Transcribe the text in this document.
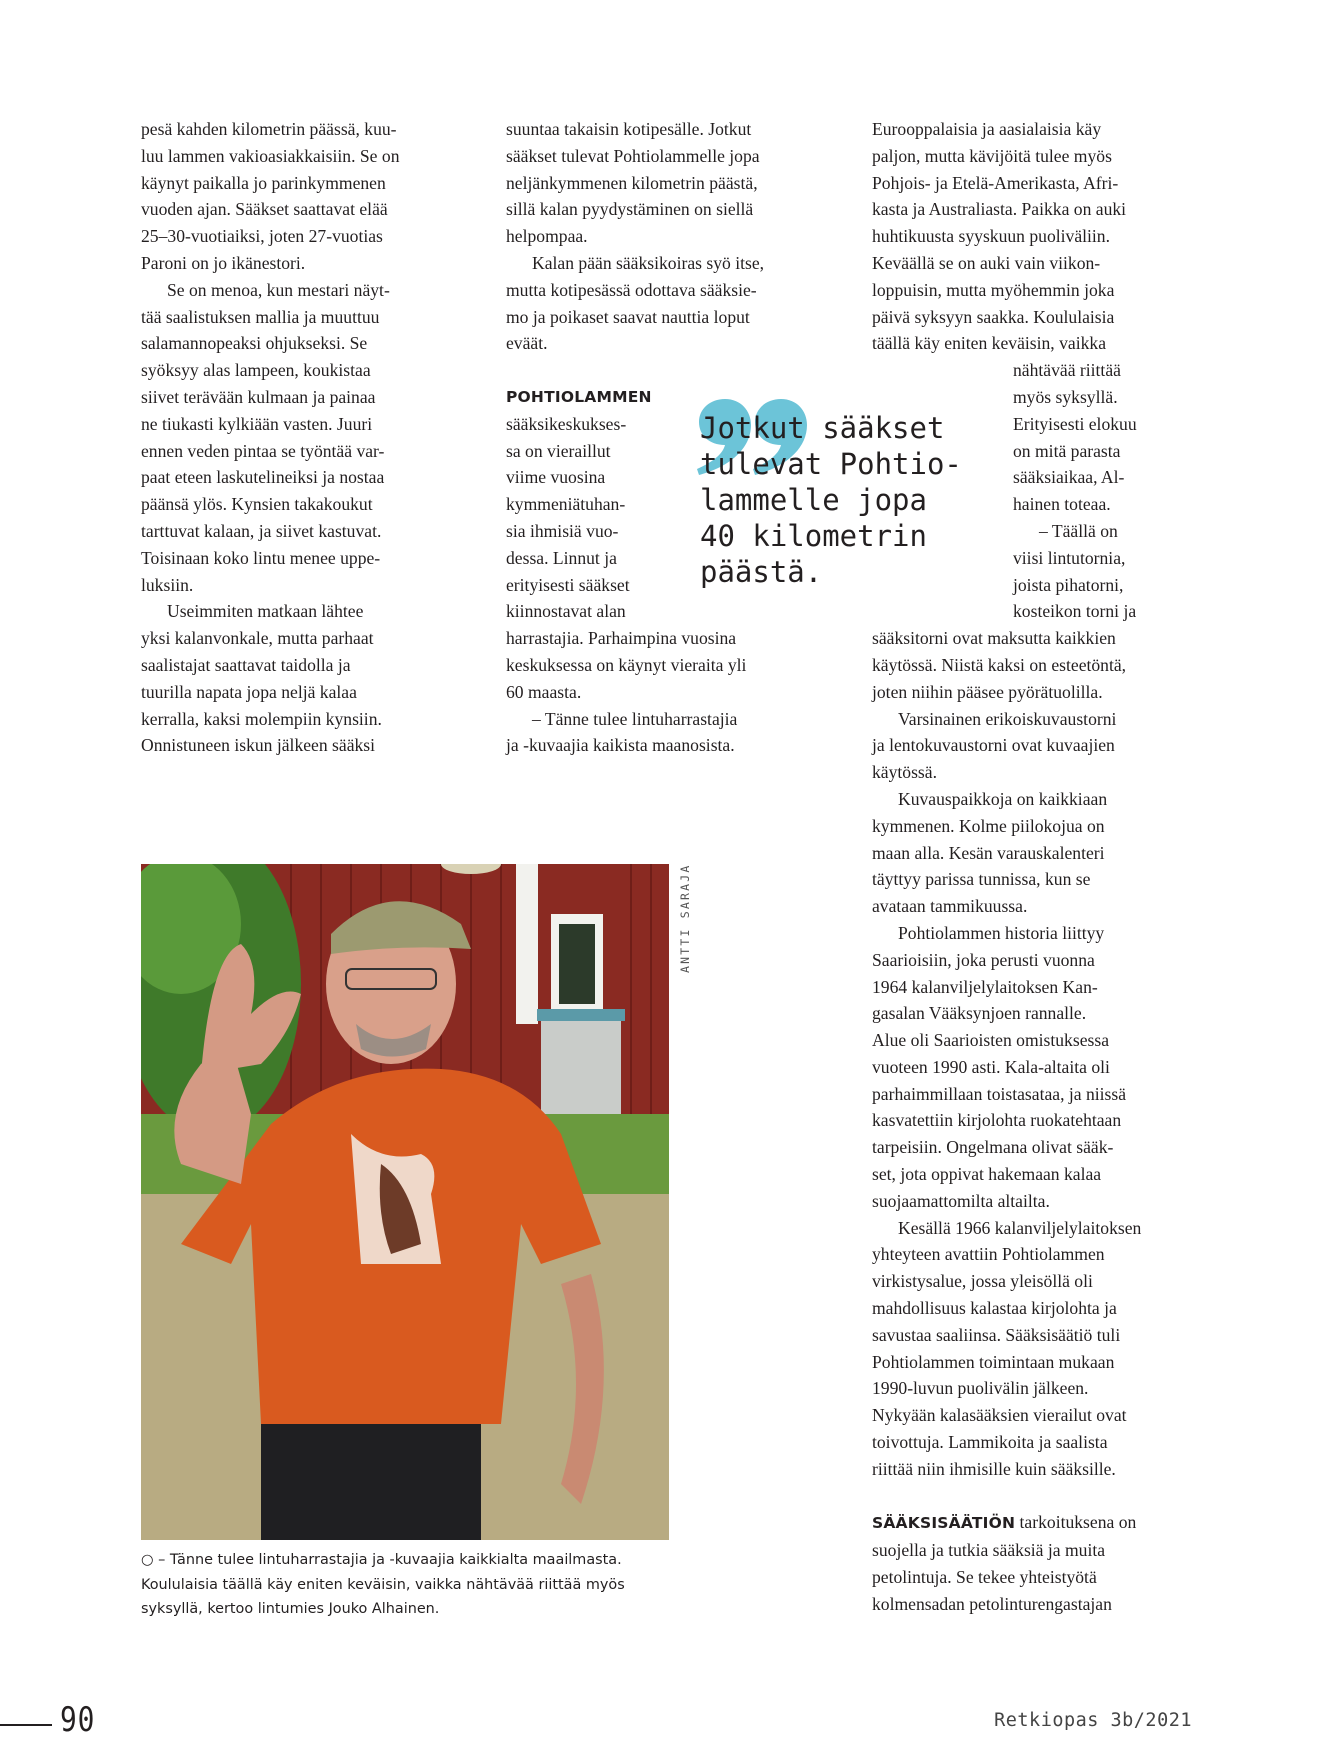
pesä kahden kilometrin päässä, kuu-
luu lammen vakioasiakkaisiin. Se on
käynyt paikalla jo parinkymmenen
vuoden ajan. Sääkset saattavat elää
25–30-vuotiaiksi, joten 27-vuotias
Paroni on jo ikänestori.
Se on menoa, kun mestari näyt-
tää saalistuksen mallia ja muuttuu
salamannopeaksi ohjukseksi. Se
syöksyy alas lampeen, koukistaa
siivet terävään kulmaan ja painaa
ne tiukasti kylkiään vasten. Juuri
ennen veden pintaa se työntää var-
paat eteen laskutelineiksi ja nostaa
päänsä ylös. Kynsien takakoukut
tarttuvat kalaan, ja siivet kastuvat.
Toisinaan koko lintu menee uppe-
luksiin.
Useimmiten matkaan lähtee
yksi kalanvonkale, mutta parhaat
saalistajat saattavat taidolla ja
tuurilla napata jopa neljä kalaa
kerralla, kaksi molempiin kynsiin.
Onnistuneen iskun jälkeen sääksi
suuntaa takaisin kotipesälle. Jotkut
sääkset tulevat Pohtiolammelle jopa
neljänkymmenen kilometrin päästä,
sillä kalan pyydystäminen on siellä
helpompaa.
Kalan pään sääksikoiras syö itse,
mutta kotipesässä odottava sääksie-
mo ja poikaset saavat nauttia loput
eväät.
POHTIOLAMMEN
sääksikeskukses-
sa on vieraillut
viime vuosina
kymmeniätuhan-
sia ihmisiä vuo-
dessa. Linnut ja
erityisesti sääkset
kiinnostavat alan
harrastajia. Parhaimpina vuosina
keskuksessa on käynyt vieraita yli
60 maasta.
– Tänne tulee lintuharrastajia
ja -kuvaajia kaikista maanosista.
Eurooppalaisia ja aasialaisia käy
paljon, mutta kävijöitä tulee myös
Pohjois- ja Etelä-Amerikasta, Afri-
kasta ja Australiasta. Paikka on auki
huhtikuusta syyskuun puoliväliin.
Keväällä se on auki vain viikon-
loppuisin, mutta myöhemmin joka
päivä syksyyn saakka. Koululaisia
täällä käy eniten keväisin, vaikka
nähtävää riittää
myös syksyllä.
Erityisesti elokuu
on mitä parasta
sääksiaikaa, Al-
hainen toteaa.
– Täällä on
viisi lintutornia,
joista pihatorni,
kosteikon torni ja
sääksitorni ovat maksutta kaikkien
käytössä. Niistä kaksi on esteetöntä,
joten niihin pääsee pyörätuolilla.
Varsinainen erikoiskuvaustorni
ja lentokuvaustorni ovat kuvaajien
käytössä.
Kuvauspaikkoja on kaikkiaan
kymmenen. Kolme piilokojua on
maan alla. Kesän varauskalenteri
täyttyy parissa tunnissa, kun se
avataan tammikuussa.
Pohtiolammen historia liittyy
Saarioisiin, joka perusti vuonna
1964 kalanviljelylaitoksen Kan-
gasalan Vääksynjoen rannalle.
Alue oli Saarioisten omistuksessa
vuoteen 1990 asti. Kala-altaita oli
parhaimmillaan toistasataa, ja niissä
kasvatettiin kirjolohta ruokatehtaan
tarpeisiin. Ongelmana olivat sääk-
set, jota oppivat hakemaan kalaa
suojaamattomilta altailta.
Kesällä 1966 kalanviljelylaitoksen
yhteyteen avattiin Pohtiolammen
virkistysalue, jossa yleisöllä oli
mahdollisuus kalastaa kirjolohta ja
savustaa saaliinsa. Sääksisäätiö tuli
Pohtiolammen toimintaan mukaan
1990-luvun puolivälin jälkeen.
Nykyään kalasääksien vierailut ovat
toivottuja. Lammikoita ja saalista
riittää niin ihmisille kuin sääksille.
SÄÄKSISÄÄTIÖN tarkoituksena on
suojella ja tutkia sääksiä ja muita
petolintuja. Se tekee yhteistyötä
kolmensadan petolinturengastajan
Jotkut sääkset
tulevat Pohtio-
lammelle jopa
40 kilometrin
päästä.
ANTTI SARAJA
○ – Tänne tulee lintuharrastajia ja -kuvaajia kaikkialta maailmasta.
Koululaisia täällä käy eniten keväisin, vaikka nähtävää riittää myös
syksyllä, kertoo lintumies Jouko Alhainen.
90	Retkiopas 3b/2021
